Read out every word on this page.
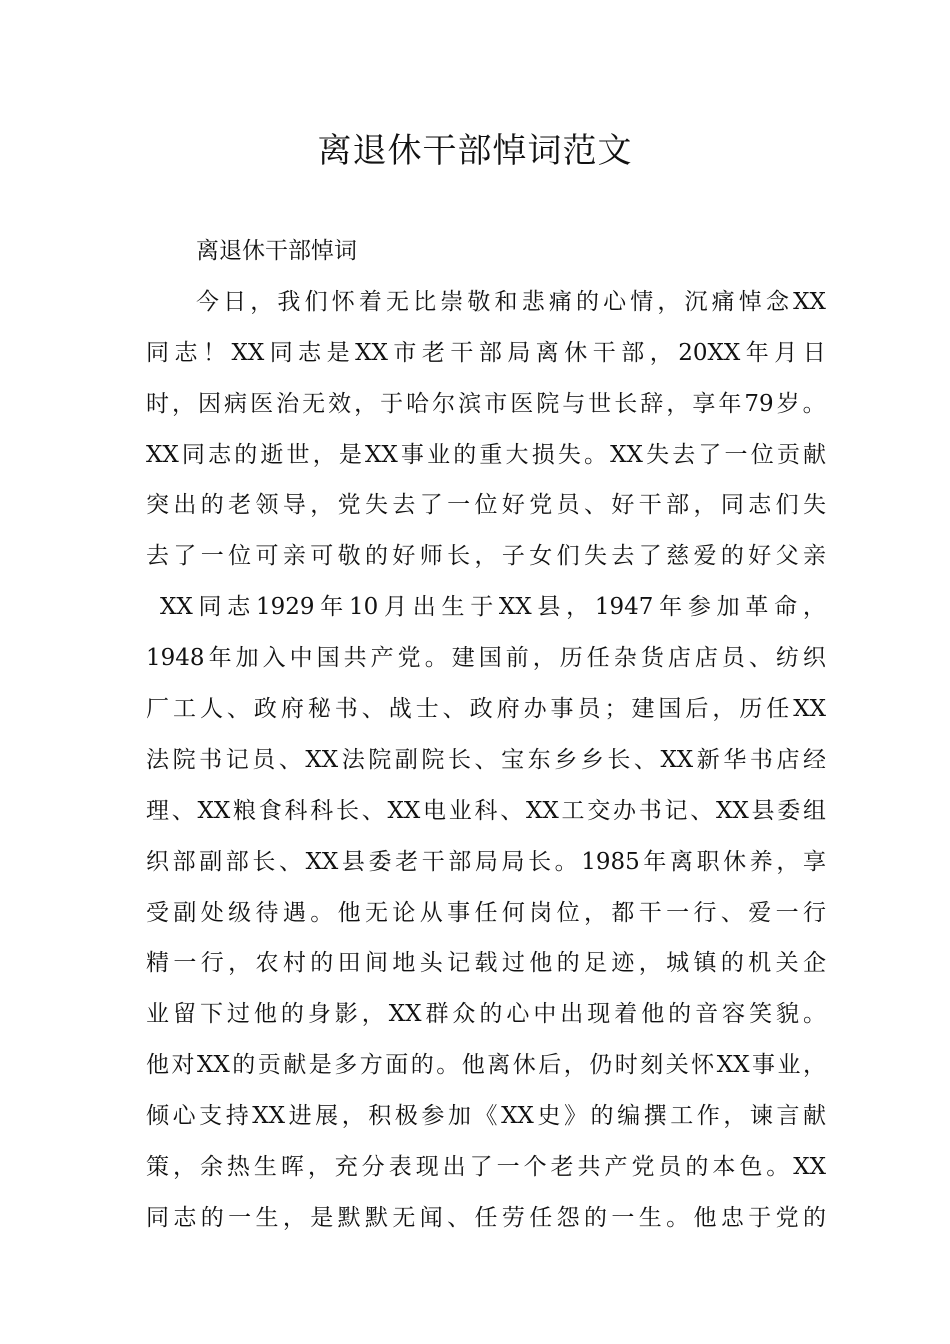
离退休干部悼词范文
离退休干部悼词
今 日 ， 我 们 怀 着 无 比 崇 敬 和 悲 痛 的 心 情 ， 沉 痛 悼 念 XX
同 志 ！ XX 同 志 是 XX 市 老 干 部 局 离 休 干 部 ， 20XX 年 月 日
时 ， 因 病 医 治 无 效 ， 于 哈 尔 滨 市 医 院 与 世 长 辞 ， 享 年 79 岁 。
XX 同 志 的 逝 世 ， 是 XX 事 业 的 重 大 损 失 。 XX 失 去 了 一 位 贡 献
突 出 的 老 领 导 ， 党 失 去 了 一 位 好 党 员 、 好 干 部 ， 同 志 们 失
去 了 一 位 可 亲 可 敬 的 好 师 长 ， 子 女 们 失 去 了 慈 爱 的 好 父 亲
XX 同 志 1929 年 10 月 出 生 于 XX 县 ， 1947 年 参 加 革 命 ，
1948 年 加 入 中 国 共 产 党 。 建 国 前 ， 历 任 杂 货 店 店 员 、 纺 织
厂 工 人 、 政 府 秘 书 、 战 士 、 政 府 办 事 员 ； 建 国 后 ， 历 任 XX
法 院 书 记 员 、 XX 法 院 副 院 长 、 宝 东 乡 乡 长 、 XX 新 华 书 店 经
理 、 XX 粮 食 科 科 长 、 XX 电 业 科 、 XX 工 交 办 书 记 、 XX 县 委 组
织 部 副 部 长 、 XX 县 委 老 干 部 局 局 长 。 1985 年 离 职 休 养 ， 享
受 副 处 级 待 遇 。 他 无 论 从 事 任 何 岗 位 ， 都 干 一 行 、 爱 一 行
精 一 行 ， 农 村 的 田 间 地 头 记 载 过 他 的 足 迹 ， 城 镇 的 机 关 企
业 留 下 过 他 的 身 影 ， XX 群 众 的 心 中 出 现 着 他 的 音 容 笑 貌 。
他 对 XX 的 贡 献 是 多 方 面 的 。 他 离 休 后 ， 仍 时 刻 关 怀 XX 事 业 ，
倾 心 支 持 XX 进 展 ， 积 极 参 加 《 XX 史 》 的 编 撰 工 作 ， 谏 言 献
策 ， 余 热 生 晖 ， 充 分 表 现 出 了 一 个 老 共 产 党 员 的 本 色 。 XX
同 志 的 一 生 ， 是 默 默 无 闻 、 任 劳 任 怨 的 一 生 。 他 忠 于 党 的
